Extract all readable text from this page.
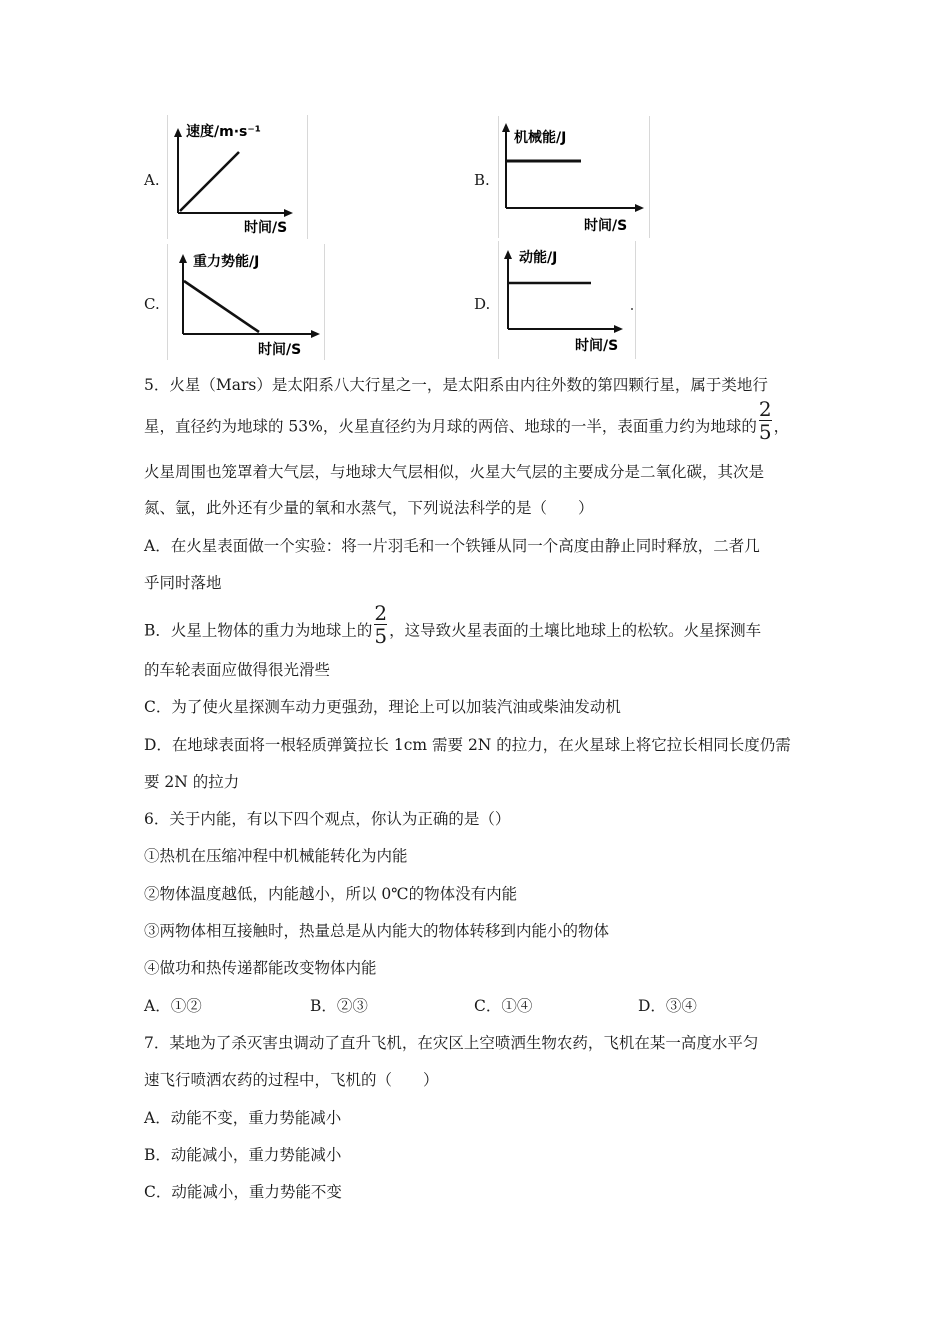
A.
速度/m·s⁻¹
时间/S
B.
机械能/J
时间/S
C.
重力势能/J
时间/S
D.
动能/J
时间/S
5．火星（Mars）是太阳系八大行星之一，是太阳系由内往外数的第四颗行星，属于类地行
星，直径约为地球的 53%，火星直径约为月球的两倍、地球的一半，表面重力约为地球的 $\frac{2}{5}$ ，
火星周围也笼罩着大气层，与地球大气层相似，火星大气层的主要成分是二氧化碳，其次是
氮、氩，此外还有少量的氧和水蒸气，下列说法科学的是（　　）
A．在火星表面做一个实验：将一片羽毛和一个铁锤从同一个高度由静止同时释放，二者几
乎同时落地
B．火星上物体的重力为地球上的 $\frac{2}{5}$ ，这导致火星表面的土壤比地球上的松软。火星探测车
的车轮表面应做得很光滑些
C．为了使火星探测车动力更强劲，理论上可以加装汽油或柴油发动机
D．在地球表面将一根轻质弹簧拉长 1cm 需要 2N 的拉力，在火星球上将它拉长相同长度仍需
要 2N 的拉力
6．关于内能，有以下四个观点，你认为正确的是（）
①热机在压缩冲程中机械能转化为内能
②物体温度越低，内能越小，所以 0℃的物体没有内能
③两物体相互接触时，热量总是从内能大的物体转移到内能小的物体
④做功和热传递都能改变物体内能
A．①②	B．②③	C．①④	D．③④
7．某地为了杀灭害虫调动了直升飞机，在灾区上空喷洒生物农药，飞机在某一高度水平匀
速飞行喷洒农药的过程中，飞机的（　　）
A．动能不变，重力势能减小
B．动能减小，重力势能减小
C．动能减小，重力势能不变
